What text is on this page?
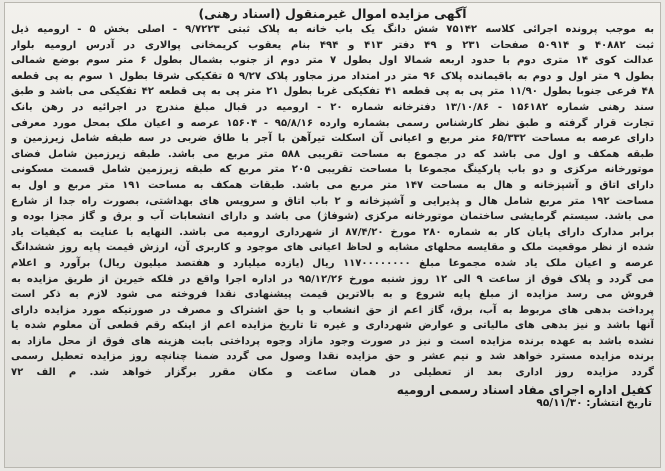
آگهی مزایده اموال غیرمنقول (اسناد رهنی)
به موجب پرونده اجرائی کلاسه ۷۵۱۴۲ شش دانگ یک باب خانه به پلاک ثبتی ۹/۷۲۲۳ - اصلی بخش ۵ - ارومیه ذیل
ثبت ۴۰۸۸۲ و ۵۰۹۱۴ صفحات ۲۳۱ و ۴۹ دفتر ۴۱۳ و ۴۹۴ بنام یعقوب کریمخانی پوالاری در آدرس ارومیه بلوار
عدالت کوی ۱۴ متری دوم با حدود اربعه شمالا اول بطول ۷ متر دوم از جنوب بشمال بطول ۶ متر سوم بوضع شمالی
بطول ۹ متر اول و دوم به باقیمانده پلاک ۹۶ متر در امتداد مرز مجاور پلاک ۹/۲۷ ۵ تقکیکی شرقا بطول ۱ سوم به پی قطعه
۴۸ فرعی جنوبا بطول ۱۱/۹۰ متر پی به پی قطعه ۴۱ تفکیکی غربا بطول ۲۱ متر پی به پی قطعه ۴۲ تفکیکی می باشد و طبق
سند رهنی شماره ۱۵۶۱۸۲ - ۱۳/۱۰/۸۶ دفترخانه شماره ۲۰ - ارومیه در قبال مبلغ مندرج در اجرائیه در رهن بانک
تجارت قرار گرفته و طبق نظر کارشناس رسمی بشماره وارده ۹۵/۸/۱۶ - ۱۵۶۰۴ عرصه و اعیان ملک بمحل مورد معرفی
دارای عرصه به مساحت ۶۵/۳۳۲ متر مربع و اعیانی آن اسکلت تیرآهن با آجر با طاق ضربی در سه طبقه شامل زیرزمین و
طبقه همکف و اول می باشد که در مجموع به مساحت تقریبی ۵۸۸ متر مربع می باشد. طبقه زیرزمین شامل فضای
موتورخانه مرکزی و دو باب پارکینگ مجموعا با مساحت تقریبی ۲۰۵ متر مربع که طبقه زیرزمین شامل قسمت مسکونی
دارای اتاق و آشپزخانه و هال به مساحت ۱۴۷ متر مربع می باشد. طبقات همکف به مساحت ۱۹۱ متر مربع و اول به
مساحت ۱۹۲ متر مربع شامل هال و پذیرایی و آشپزخانه و ۲ باب اتاق و سرویس های بهداشتی، بصورت راه جدا از شارع
می باشد. سیستم گرمایشی ساختمان موتورخانه مرکزی (شوفاژ) می باشد و دارای انشعابات آب و برق و گاز مجزا بوده و
برابر مدارک دارای پایان کار به شماره ۲۸۰ مورخ ۸۷/۴/۲۰ از شهرداری ارومیه می باشد. النهایه با عنایت به کیفیات یاد
شده از نظر موقعیت ملک و مقایسه محلهای مشابه و لحاظ اعیانی های موجود و کاربری آن، ارزش قیمت پایه روز ششدانگ
عرصه و اعیان ملک یاد شده مجموعا مبلغ ۱۱۷۰۰۰۰۰۰۰۰ ریال (یازده میلیارد و هفتصد میلیون ریال) برآورد و اعلام
می گردد و پلاک فوق از ساعت ۹ الی ۱۲ روز شنبه مورخ ۹۵/۱۲/۲۶ در اداره اجرا واقع در فلکه خیرین از طریق مزایده به
فروش می رسد مزایده از مبلغ پایه شروع و به بالاترین قیمت پیشنهادی نقدا فروخته می شود لازم به ذکر است
پرداخت بدهی های مربوط به آب، برق، گاز اعم از حق انشعاب و یا حق اشتراک و مصرف در صورتیکه مورد مزایده دارای
آنها باشد و نیز بدهی های مالیاتی و عوارض شهرداری و غیره تا تاریخ مزایده اعم از اینکه رقم قطعی آن معلوم شده یا
نشده باشد به عهده برنده مزایده است و نیز در صورت وجود مازاد وجوه پرداختی بابت هزینه های فوق از محل مازاد به
برنده مزایده مسترد خواهد شد و نیم عشر و حق مزایده نقدا وصول می گردد ضمنا چنانچه روز مزایده تعطیل رسمی
گردد مزایده روز اداری بعد از تعطیلی در همان ساعت و مکان مقرر برگزار خواهد شد. م الف ۷۲
کفیل اداره اجرای مفاد اسناد رسمی ارومیه
تاریخ انتشار: ۹۵/۱۱/۳۰
